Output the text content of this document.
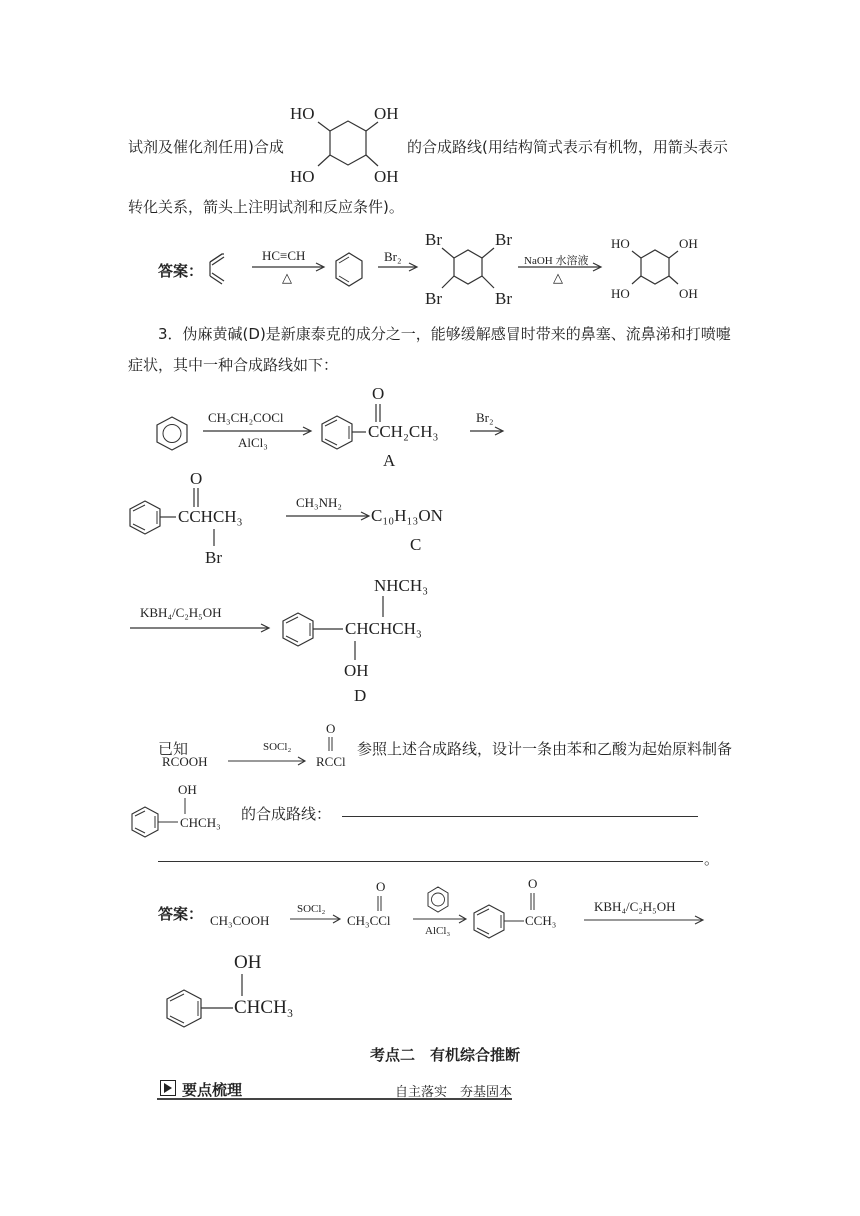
试剂及催化剂任用)合成	的合成路线(用结构简式表示有机物，用箭头表示
转化关系，箭头上注明试剂和反应条件)。
HO	OH
HO	OH
答案：
HC≡CH
△
Br₂
Br	Br
Br	Br
NaOH 水溶液
△
HO	OH
HO	OH
3．伪麻黄碱(D)是新康泰克的成分之一，能够缓解感冒时带来的鼻塞、流鼻涕和打喷嚏
症状，其中一种合成路线如下：
CH₃CH₂COCl
AlCl₃
O
CCH₂CH₃
A
Br₂
O
CCHCH₃
Br
CH₃NH₂
C₁₀H₁₃ON
C
NHCH₃
KBH₄/C₂H₅OH
CHCHCH₃
OH
D
已知
RCOOH
SOCl₂
O
RCCl
参照上述合成路线，设计一条由苯和乙酸为起始原料制备
OH
CHCH₃ 的合成路线：
。
答案： CH₃COOH
SOCl₂
O
CH₃CCl
AlCl₃
O
CCH₃
KBH₄/C₂H₅OH
OH
CHCH₃
考点二　有机综合推断
要点梳理	自主落实　夯基固本
